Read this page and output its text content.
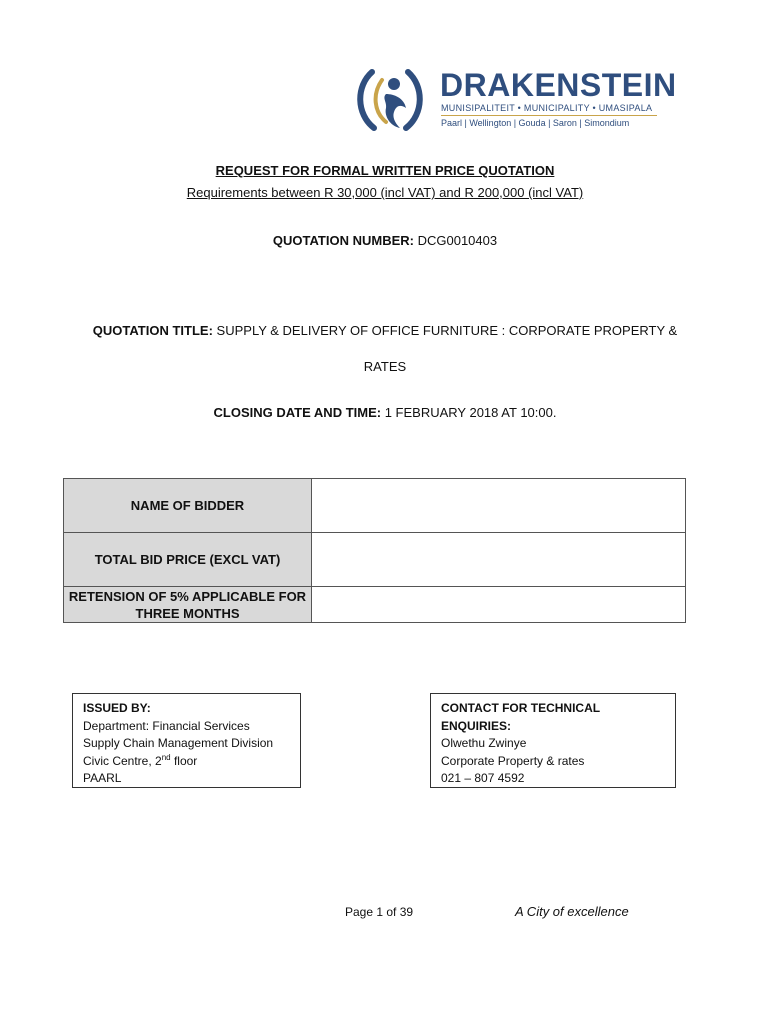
DRAKENSTEIN
MUNISIPALITEIT • MUNICIPALITY • UMASIPALA
Paarl | Wellington | Gouda | Saron | Simondium
REQUEST FOR FORMAL WRITTEN PRICE QUOTATION
Requirements between R 30,000 (incl VAT) and R 200,000 (incl VAT)
QUOTATION NUMBER: DCG0010403
QUOTATION TITLE: SUPPLY & DELIVERY OF OFFICE FURNITURE : CORPORATE PROPERTY &
RATES
CLOSING DATE AND TIME: 1 FEBRUARY 2018 AT 10:00.
NAME OF BIDDER	
TOTAL BID PRICE (EXCL VAT)	
RETENSION OF 5% APPLICABLE FOR
THREE MONTHS	
ISSUED BY:
Department: Financial Services
Supply Chain Management Division
Civic Centre, 2nd floor
PAARL
CONTACT FOR TECHNICAL ENQUIRIES:
Olwethu Zwinye
Corporate Property & rates
021 – 807 4592
Page 1 of 39	A City of excellence
